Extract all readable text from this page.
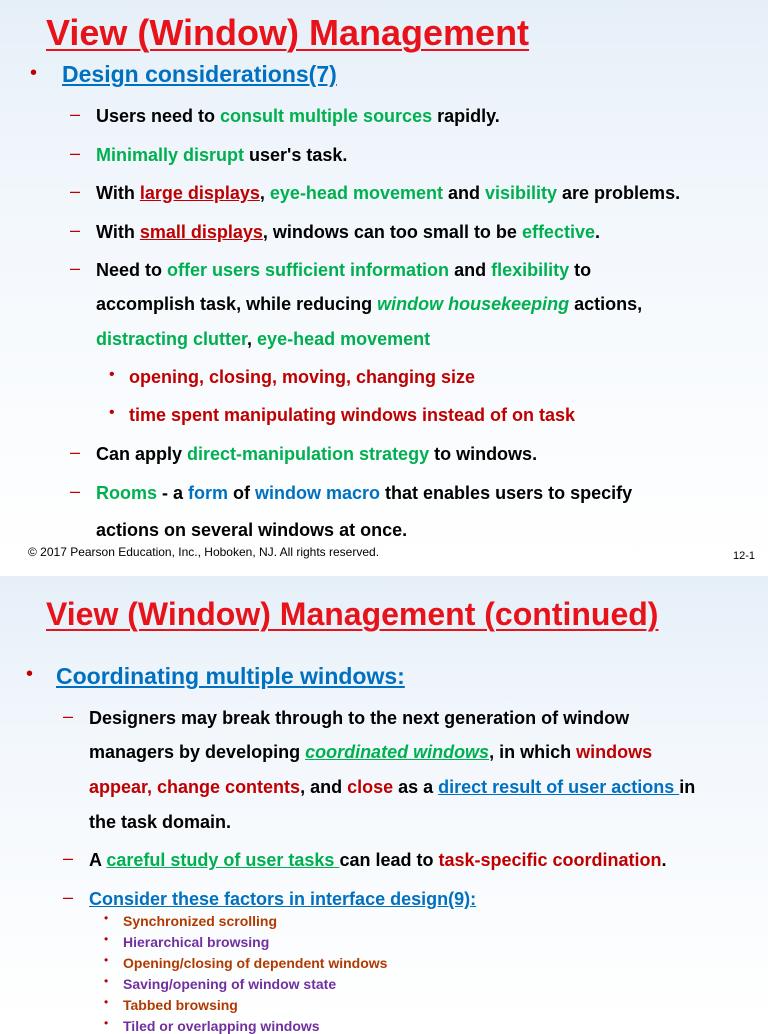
View (Window) Management
• Design considerations(7)
– Users need to consult multiple sources rapidly.
– Minimally disrupt user's task.
– With large displays, eye-head movement and visibility are problems.
– With small displays, windows can too small to be effective.
– Need to offer users sufficient information and flexibility to
accomplish task, while reducing window housekeeping actions,
distracting clutter, eye-head movement
• opening, closing, moving, changing size
• time spent manipulating windows instead of on task
– Can apply direct-manipulation strategy to windows.
– Rooms - a form of window macro that enables users to specify
actions on several windows at once.
© 2017 Pearson Education, Inc., Hoboken, NJ. All rights reserved.	12-1
View (Window) Management (continued)
• Coordinating multiple windows:
– Designers may break through to the next generation of window
managers by developing coordinated windows, in which windows
appear, change contents, and close as a direct result of user actions in
the task domain.
– A careful study of user tasks can lead to task-specific coordination.
– Consider these factors in interface design(9):
• Synchronized scrolling
• Hierarchical browsing
• Opening/closing of dependent windows
• Saving/opening of window state
• Tabbed browsing
• Tiled or overlapping windows
